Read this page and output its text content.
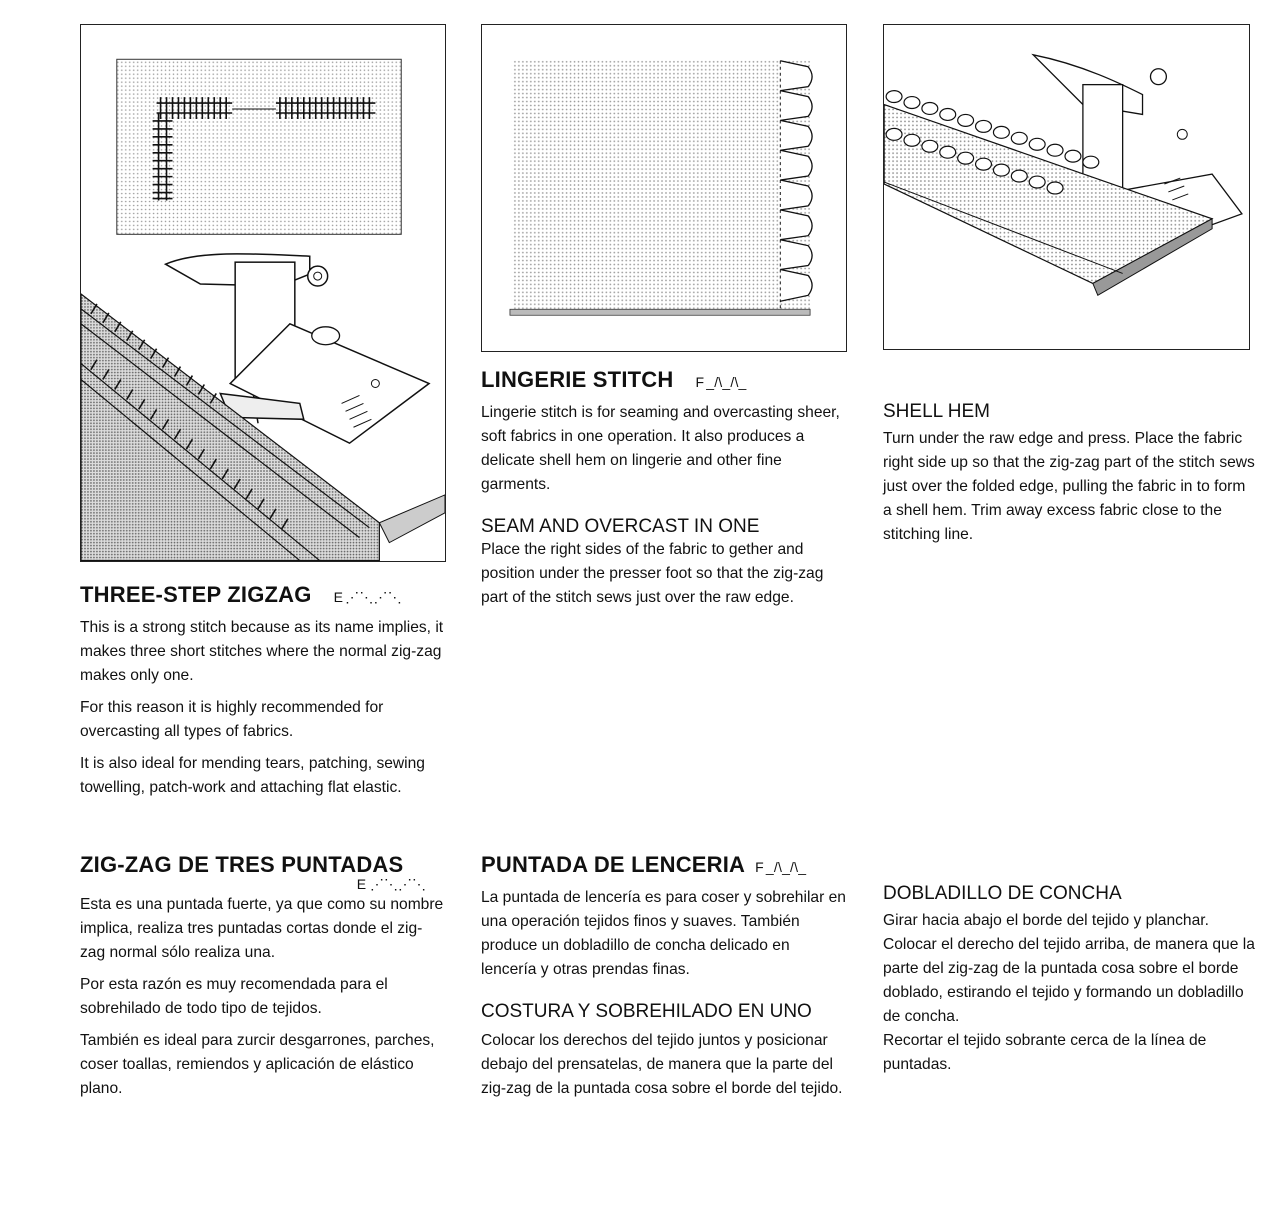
THREE-STEP ZIGZAG E ⋰⋱⋰⋱

This is a strong stitch because as its name implies, it makes three short stitches where the normal zig-zag makes only one.

For this reason it is highly recommended for overcasting all types of fabrics.

It is also ideal for mending tears, patching, sewing towelling, patch-work and attaching flat elastic.

ZIG-ZAG DE TRES PUNTADAS
E ⋰⋱⋰⋱

Esta es una puntada fuerte, ya que como su nombre implica, realiza tres puntadas cortas donde el zig-zag normal sólo realiza una.

Por esta razón es muy recomendada para el sobrehilado de todo tipo de tejidos.

También es ideal para zurcir desgarrones, parches, coser toallas, remiendos y aplicación de elástico plano.

LINGERIE STITCH F _/\_/\_

Lingerie stitch is for seaming and overcasting sheer, soft fabrics in one operation. It also produces a delicate shell hem on lingerie and other fine garments.

SEAM AND OVERCAST IN ONE

Place the right sides of the fabric to gether and position under the presser foot so that the zig-zag part of the stitch sews just over the raw edge.

PUNTADA DE LENCERIA F _/\_/\_

La puntada de lencería es para coser y sobrehilar en una operación tejidos finos y suaves. También produce un dobladillo de concha delicado en lencería y otras prendas finas.

COSTURA Y SOBREHILADO EN UNO

Colocar los derechos del tejido juntos y posicionar debajo del prensatelas, de manera que la parte del zig-zag de la puntada cosa sobre el borde del tejido.

SHELL HEM

Turn under the raw edge and press. Place the fabric right side up so that the zig-zag part of the stitch sews just over the folded edge, pulling the fabric in to form a shell hem. Trim away excess fabric close to the stitching line.

DOBLADILLO DE CONCHA

Girar hacia abajo el borde del tejido y planchar. Colocar el derecho del tejido arriba, de manera que la parte del zig-zag de la puntada cosa sobre el borde doblado, estirando el tejido y formando un dobladillo de concha.

Recortar el tejido sobrante cerca de la línea de puntadas.
